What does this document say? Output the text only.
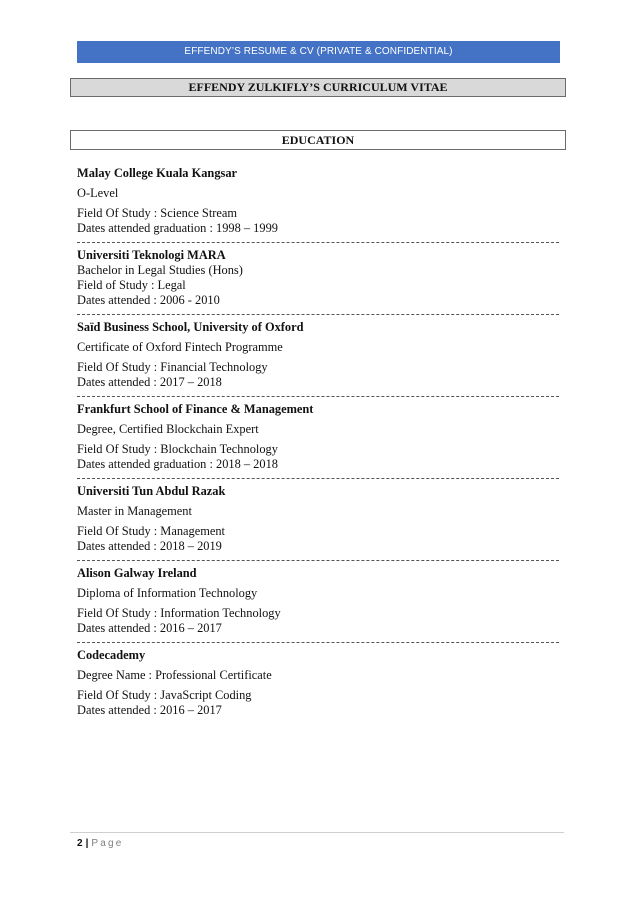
EFFENDY’S RESUME & CV (PRIVATE & CONFIDENTIAL)
EFFENDY ZULKIFLY’S CURRICULUM VITAE
EDUCATION

Malay College Kuala Kangsar

O-Level

Field Of Study : Science Stream

Dates attended graduation : 1998 – 1999

Universiti Teknologi MARA

Bachelor in Legal Studies (Hons)

Field of Study : Legal

Dates attended : 2006 - 2010

Saïd Business School, University of Oxford

Certificate of Oxford Fintech Programme

Field Of Study : Financial Technology

Dates attended : 2017 – 2018

Frankfurt School of Finance & Management

Degree, Certified Blockchain Expert

Field Of Study : Blockchain Technology

Dates attended graduation : 2018 – 2018

Universiti Tun Abdul Razak

Master in Management

Field Of Study : Management

Dates attended : 2018 – 2019

Alison Galway Ireland

Diploma of Information Technology

Field Of Study : Information Technology

Dates attended : 2016 – 2017

Codecademy

Degree Name : Professional Certificate

Field Of Study : JavaScript Coding

Dates attended : 2016 – 2017

2 | Page
